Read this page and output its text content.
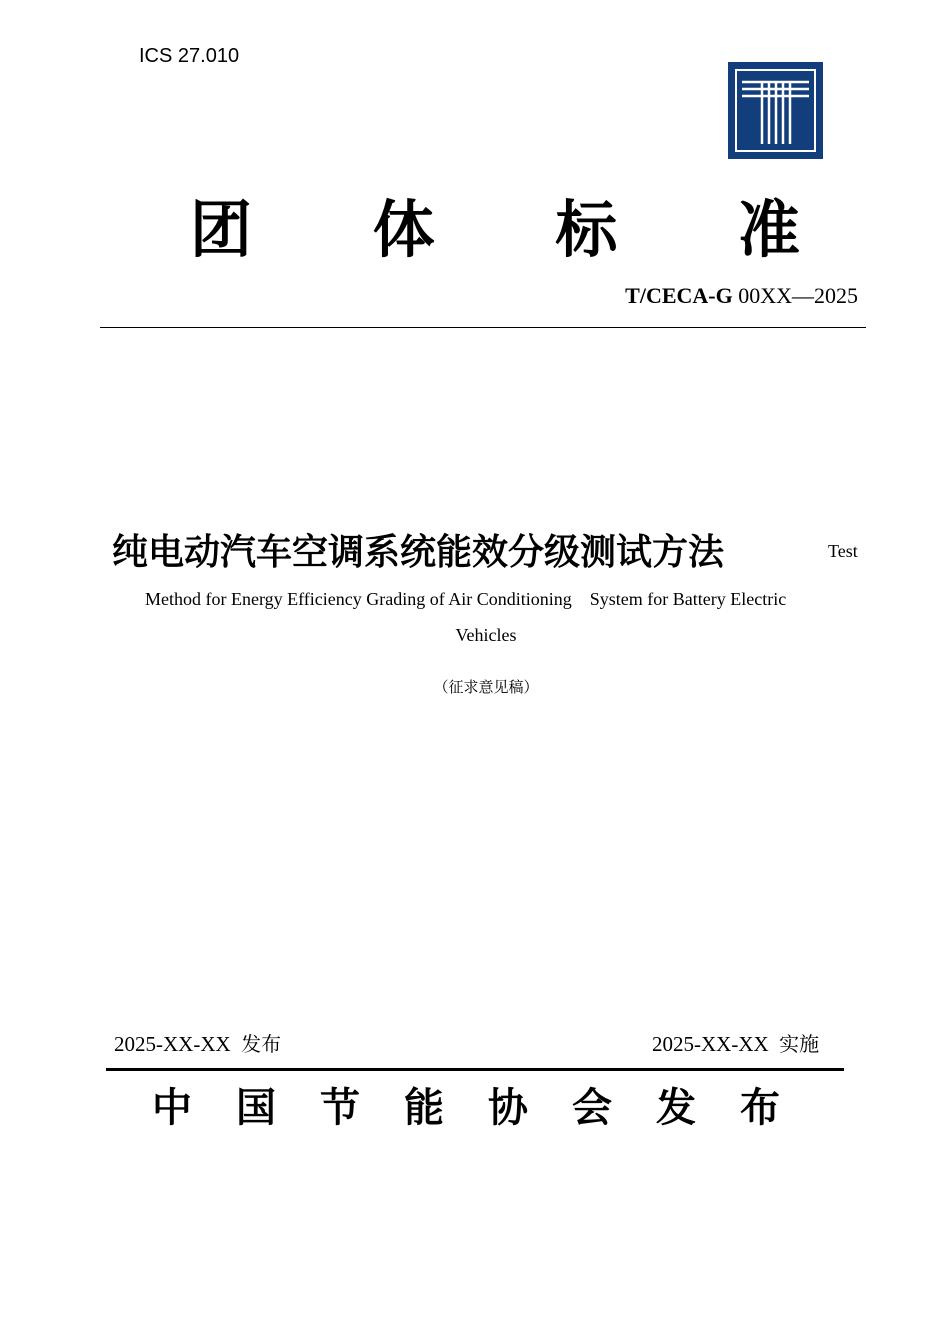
ICS 27.010
团 体 标 准
T/CECA-G 00XX—2025
纯电动汽车空调系统能效分级测试方法	Test
Method for Energy Efficiency Grading of Air Conditioning    System for Battery Electric
Vehicles
（征求意见稿）
2025-XX-XX 发布	2025-XX-XX 实施
中 国 节 能 协 会 发 布
